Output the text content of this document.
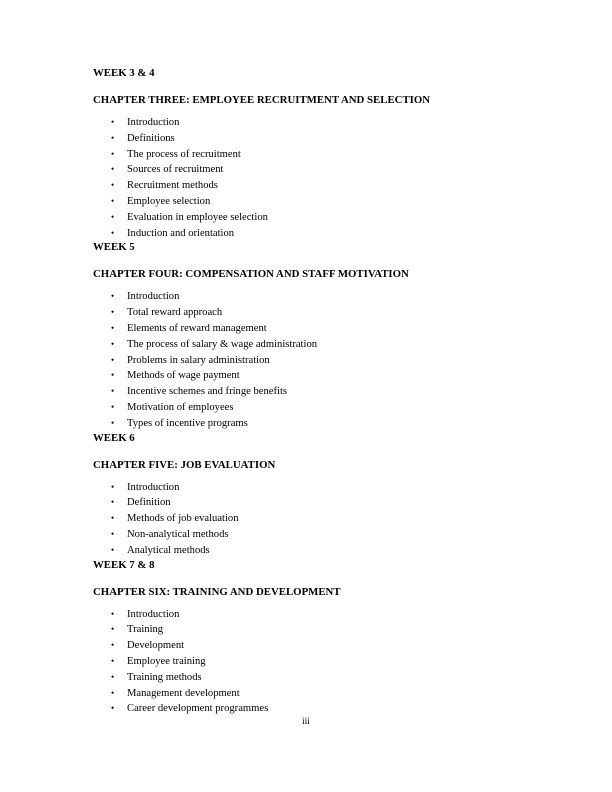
WEEK 3 & 4

CHAPTER THREE: EMPLOYEE RECRUITMENT AND SELECTION

• Introduction
• Definitions
• The process of recruitment
• Sources of recruitment
• Recruitment methods
• Employee selection
• Evaluation in employee selection
• Induction and orientation

WEEK 5

CHAPTER FOUR: COMPENSATION AND STAFF MOTIVATION

• Introduction
• Total reward approach
• Elements of reward management
• The process of salary & wage administration
• Problems in salary administration
• Methods of wage payment
• Incentive schemes and fringe benefits
• Motivation of employees
• Types of incentive programs

WEEK 6

CHAPTER FIVE: JOB EVALUATION

• Introduction
• Definition
• Methods of job evaluation
• Non-analytical methods
• Analytical methods

WEEK 7 & 8

CHAPTER SIX: TRAINING AND DEVELOPMENT

• Introduction
• Training
• Development
• Employee training
• Training methods
• Management development
• Career development programmes
iii
